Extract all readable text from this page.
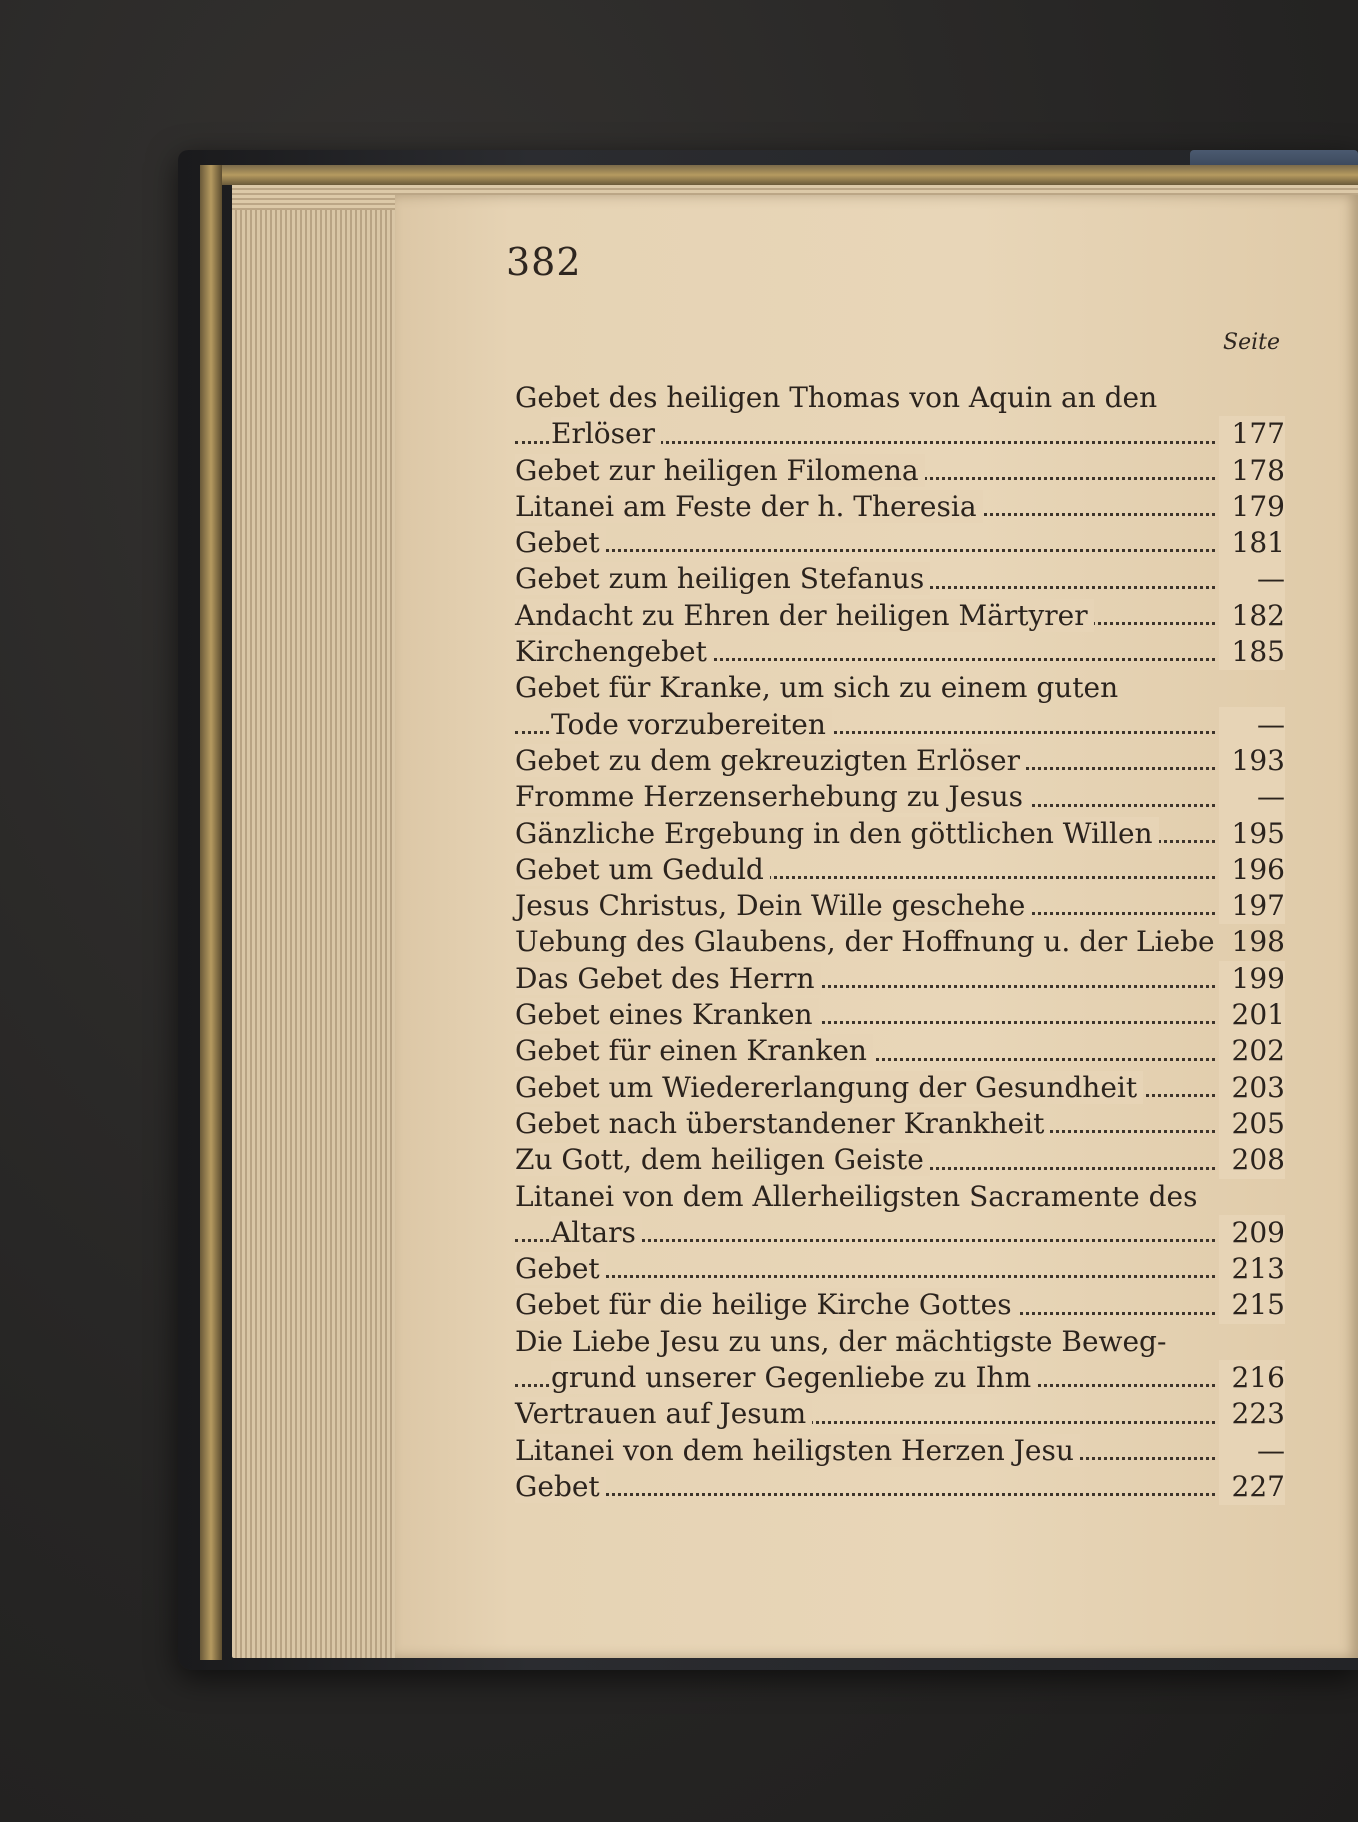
382
Seite
Gebet des heiligen Thomas von Aquin an den
Erlöser	177
Gebet zur heiligen Filomena	178
Litanei am Feste der h. Theresia	179
Gebet	181
Gebet zum heiligen Stefanus	—
Andacht zu Ehren der heiligen Märtyrer	182
Kirchengebet	185
Gebet für Kranke, um sich zu einem guten
Tode vorzubereiten	—
Gebet zu dem gekreuzigten Erlöser	193
Fromme Herzenserhebung zu Jesus	—
Gänzliche Ergebung in den göttlichen Willen	195
Gebet um Geduld	196
Jesus Christus, Dein Wille geschehe	197
Uebung des Glaubens, der Hoffnung u. der Liebe 198
Das Gebet des Herrn	199
Gebet eines Kranken	201
Gebet für einen Kranken	202
Gebet um Wiedererlangung der Gesundheit	203
Gebet nach überstandener Krankheit	205
Zu Gott, dem heiligen Geiste	208
Litanei von dem Allerheiligsten Sacramente des
Altars	209
Gebet	213
Gebet für die heilige Kirche Gottes	215
Die Liebe Jesu zu uns, der mächtigste Beweg-
grund unserer Gegenliebe zu Ihm	216
Vertrauen auf Jesum	223
Litanei von dem heiligsten Herzen Jesu	—
Gebet	227
